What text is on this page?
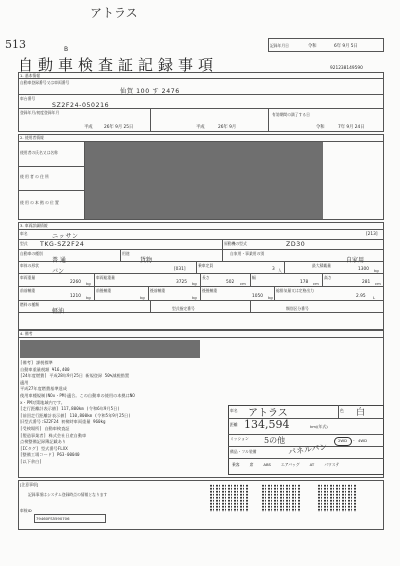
アトラス
513	B
自動車検査証記録事項
記録年月日	令和	6年 9月 5日
921238149590
1. 基本情報
自動車登録番号又は車両番号
仙賀 100 す 2476
車台番号
SZ2F24-050216
登録年月/初度登録年月
平成	26年 9月 25日	平成	26年 9月
有効期間の満了する日
令和	7年 9月 24日
2. 使用者情報
使用者の氏名又は名称
使 用 者 の 住 所
使 用 の 本 拠 の 位 置
3. 車両詳細情報
車名	ニッサン	[213]
型式 TKG-SZ2F24	原動機の型式	ZD30
自動車の種別
普 通
用途
貨物
自家用・事業用の別
自家用
車体の形状
バン	[031]
乗車定員
3 人
最大積載量
1300 kg
車両重量
2260 kg
車両総重量
3725 kg
長さ
502 cm
幅
178 cm
高さ
281 cm
前前軸重
1210 kg
前後軸重
kg
後前軸重
kg
後後軸重
1050 kg
総排気量又は定格出力
2.95 L
燃料の種類
軽油	型式指定番号	類別区分番号
4. 備考
[備考] 課税標準
自動車重量税額 ¥16,400
[24年度燃費] 平成28年9月25日 新規登録 50%減税措置
適用
平成27年度燃費基準達成
使用車種規制(NOx・PM)適合。この自動車の使用の本拠はNO
x・PM対策地域内です。
[走行距離計表示値] 117,800km (令和6年9月5日)
[前回走行距離計表示値] 110,800km (令和5年9月25日)
旧型式番号:SZ2F24 初検時車両重量 960kg
[受検場所] 自動車検査証
[製造事業者] 株式会社日産自動車
点検整備記録簿記載あり
[ICタグ] 型式番号FLXX
[整備工場コード] P63-00040
[以下余白]
車名 アトラス	色 白
距離 134,594	km/(年式)
ミッション 5の他	2WD ・ 4WD
備品・フル装備	パネルバン
乗客	席	ABS	エアバッグ	AT	パワステ
[注意事項]
記録事項はシステム登録時点の情報となります
車検ID
79460FS5590706
